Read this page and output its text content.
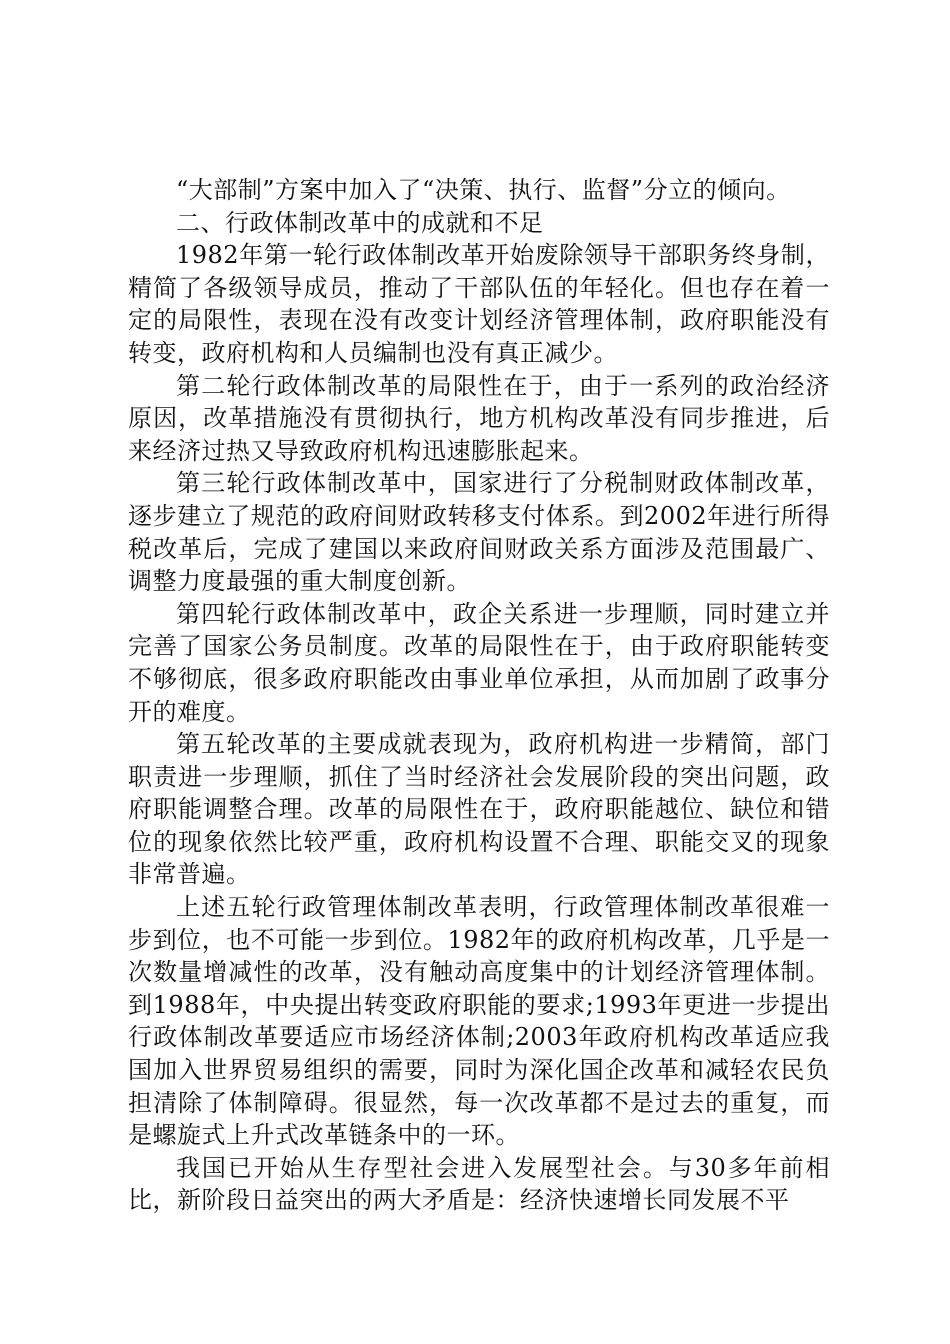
“大部制”方案中加入了“决策、执行、监督”分立的倾向。

二、行政体制改革中的成就和不足

1982年第一轮行政体制改革开始废除领导干部职务终身制，精简了各级领导成员，推动了干部队伍的年轻化。但也存在着一定的局限性，表现在没有改变计划经济管理体制，政府职能没有转变，政府机构和人员编制也没有真正减少。

第二轮行政体制改革的局限性在于，由于一系列的政治经济原因，改革措施没有贯彻执行，地方机构改革没有同步推进，后来经济过热又导致政府机构迅速膨胀起来。

第三轮行政体制改革中，国家进行了分税制财政体制改革，逐步建立了规范的政府间财政转移支付体系。到2002年进行所得税改革后，完成了建国以来政府间财政关系方面涉及范围最广、调整力度最强的重大制度创新。

第四轮行政体制改革中，政企关系进一步理顺，同时建立并完善了国家公务员制度。改革的局限性在于，由于政府职能转变不够彻底，很多政府职能改由事业单位承担，从而加剧了政事分开的难度。

第五轮改革的主要成就表现为，政府机构进一步精简，部门职责进一步理顺，抓住了当时经济社会发展阶段的突出问题，政府职能调整合理。改革的局限性在于，政府职能越位、缺位和错位的现象依然比较严重，政府机构设置不合理、职能交叉的现象非常普遍。

上述五轮行政管理体制改革表明，行政管理体制改革很难一步到位，也不可能一步到位。1982年的政府机构改革，几乎是一次数量增减性的改革，没有触动高度集中的计划经济管理体制。到1988年，中央提出转变政府职能的要求;1993年更进一步提出行政体制改革要适应市场经济体制;2003年政府机构改革适应我国加入世界贸易组织的需要，同时为深化国企改革和减轻农民负担清除了体制障碍。很显然，每一次改革都不是过去的重复，而是螺旋式上升式改革链条中的一环。

我国已开始从生存型社会进入发展型社会。与30多年前相比，新阶段日益突出的两大矛盾是：经济快速增长同发展不平
